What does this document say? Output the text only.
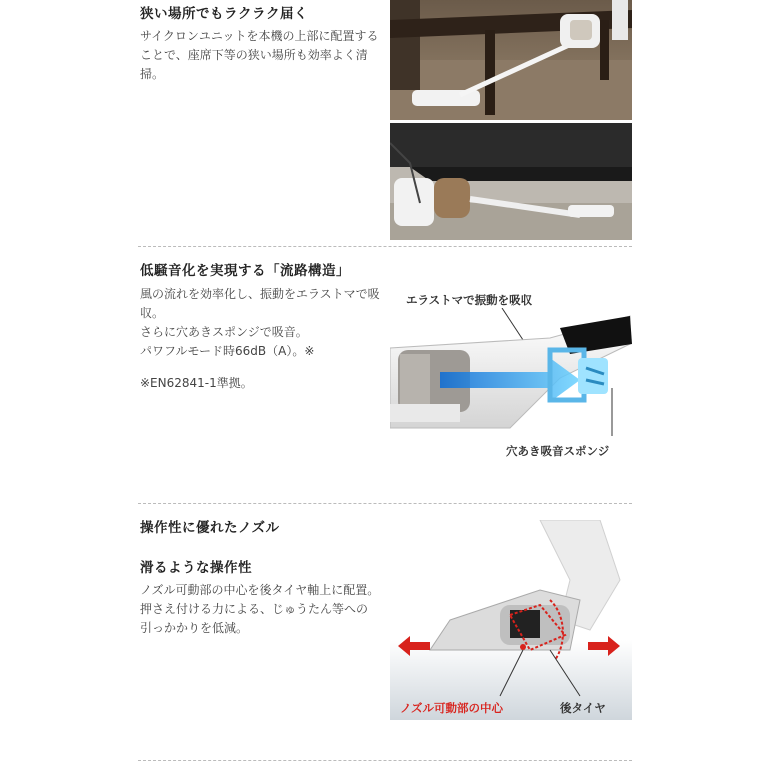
狭い場所でもラクラク届く
サイクロンユニットを本機の上部に配置する
ことで、座席下等の狭い場所も効率よく清掃。
低騒音化を実現する「流路構造」
風の流れを効率化し、振動をエラストマで吸
収。
さらに穴あきスポンジで吸音。
パワフルモード時66dB（A）。※
※EN62841-1準拠。
エラストマで振動を吸収
穴あき吸音スポンジ
操作性に優れたノズル
滑るような操作性
ノズル可動部の中心を後タイヤ軸上に配置。
押さえ付ける力による、じゅうたん等への
引っかかりを低減。
ノズル可動部の中心	後タイヤ
